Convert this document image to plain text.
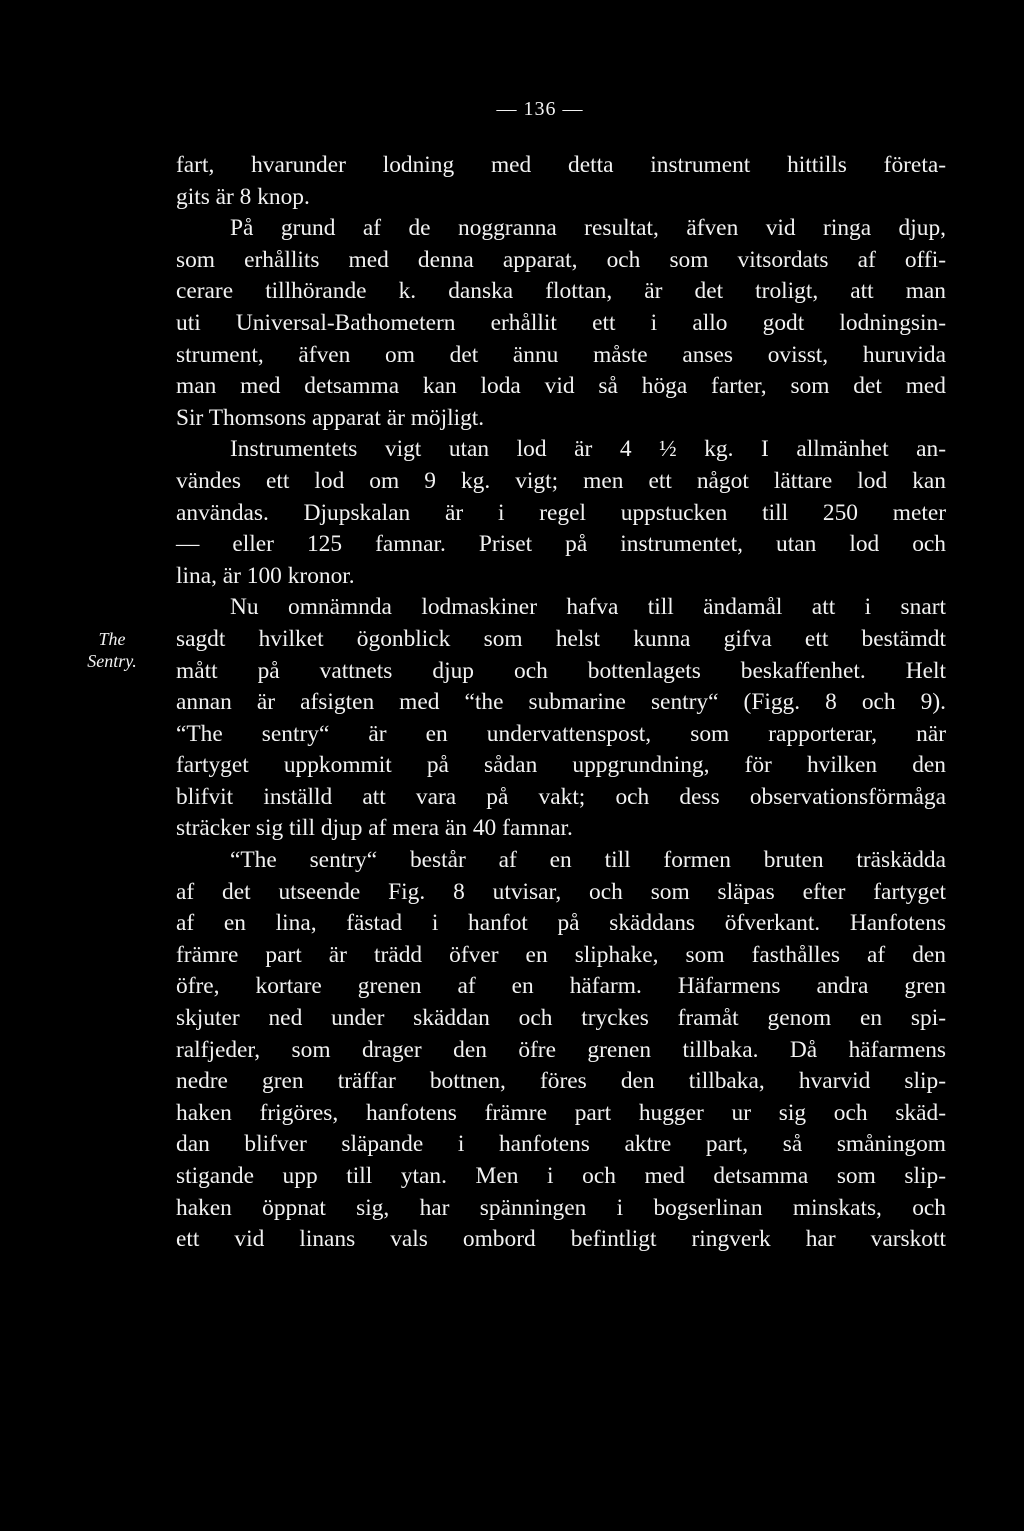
— 136 —
The
Sentry.
fart, hvarunder lodning med detta instrument hittills företa-
gits är 8 knop.
På grund af de noggranna resultat, äfven vid ringa djup,
som erhållits med denna apparat, och som vitsordats af offi-
cerare tillhörande k. danska flottan, är det troligt, att man
uti Universal-Bathometern erhållit ett i allo godt lodningsin-
strument, äfven om det ännu måste anses ovisst, huruvida
man med detsamma kan loda vid så höga farter, som det med
Sir Thomsons apparat är möjligt.
Instrumentets vigt utan lod är 4 ½ kg. I allmänhet an-
vändes ett lod om 9 kg. vigt; men ett något lättare lod kan
användas. Djupskalan är i regel uppstucken till 250 meter
— eller 125 famnar. Priset på instrumentet, utan lod och
lina, är 100 kronor.
Nu omnämnda lodmaskiner hafva till ändamål att i snart
sagdt hvilket ögonblick som helst kunna gifva ett bestämdt
mått på vattnets djup och bottenlagets beskaffenhet. Helt
annan är afsigten med “the submarine sentry“ (Figg. 8 och 9).
“The sentry“ är en undervattenspost, som rapporterar, när
fartyget uppkommit på sådan uppgrundning, för hvilken den
blifvit inställd att vara på vakt; och dess observationsförmåga
sträcker sig till djup af mera än 40 famnar.
“The sentry“ består af en till formen bruten träskädda
af det utseende Fig. 8 utvisar, och som släpas efter fartyget
af en lina, fästad i hanfot på skäddans öfverkant. Hanfotens
främre part är trädd öfver en sliphake, som fasthålles af den
öfre, kortare grenen af en häfarm. Häfarmens andra gren
skjuter ned under skäddan och tryckes framåt genom en spi-
ralfjeder, som drager den öfre grenen tillbaka. Då häfarmens
nedre gren träffar bottnen, föres den tillbaka, hvarvid slip-
haken frigöres, hanfotens främre part hugger ur sig och skäd-
dan blifver släpande i hanfotens aktre part, så småningom
stigande upp till ytan. Men i och med detsamma som slip-
haken öppnat sig, har spänningen i bogserlinan minskats, och
ett vid linans vals ombord befintligt ringverk har varskott
